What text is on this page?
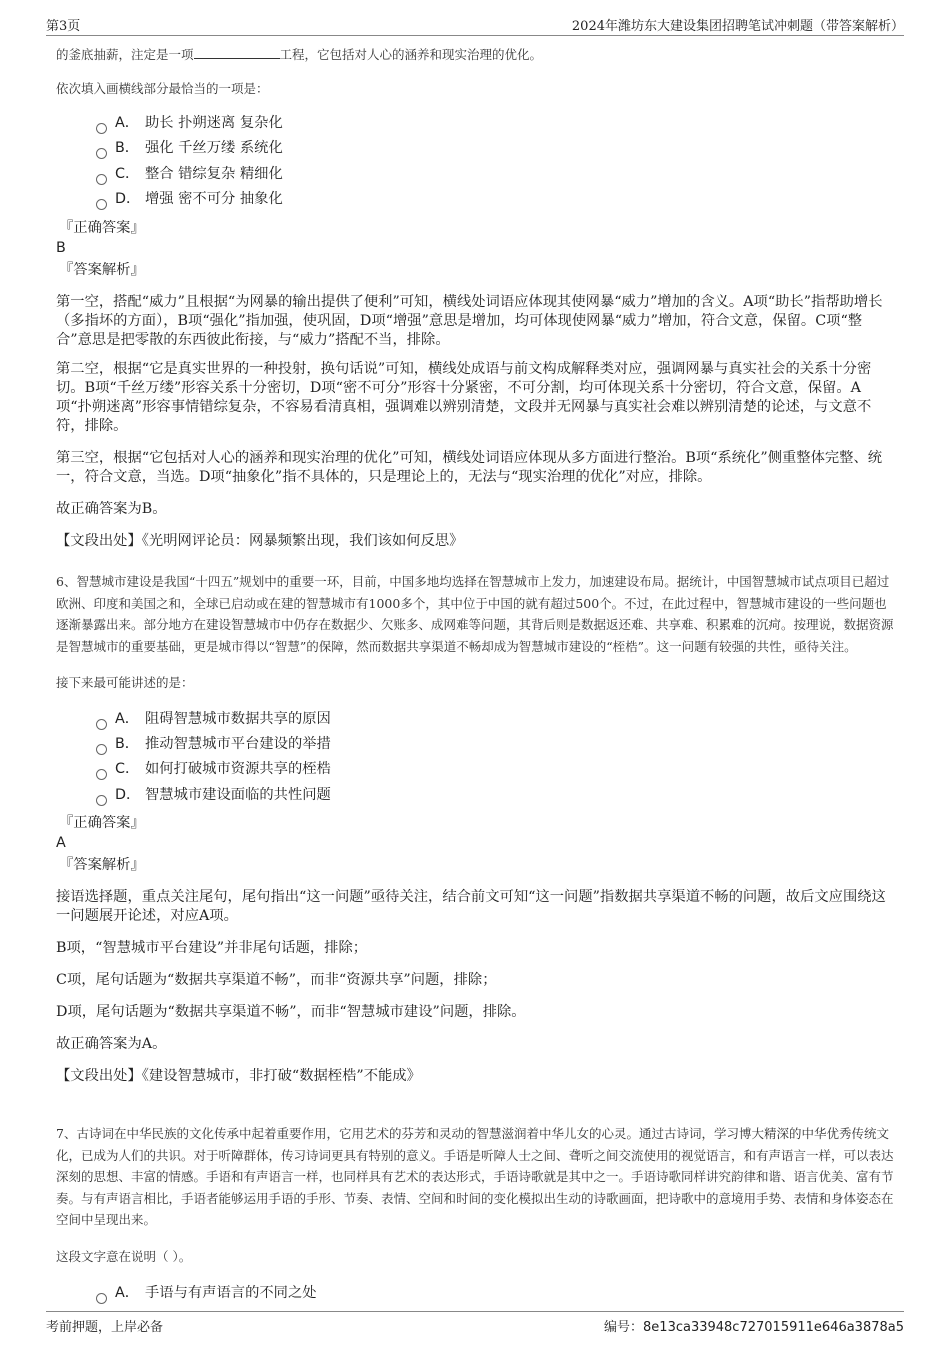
第3页	2024年潍坊东大建设集团招聘笔试冲刺题（带答案解析）

的釜底抽薪，注定是一项	工程，它包括对人心的涵养和现实治理的优化。

依次填入画横线部分最恰当的一项是：

A． 助长 扑朔迷离 复杂化
B． 强化 千丝万缕 系统化
C． 整合 错综复杂 精细化
D． 增强 密不可分 抽象化

『正确答案』

B

『答案解析』

第一空，搭配“威力”且根据“为网暴的输出提供了便利”可知，横线处词语应体现其使网暴“威力”增加的含义。A项“助长”指帮助增长（多指坏的方面），B项“强化”指加强，使巩固，D项“增强”意思是增加，均可体现使网暴“威力”增加，符合文意，保留。C项“整合”意思是把零散的东西彼此衔接，与“威力”搭配不当，排除。

第二空，根据“它是真实世界的一种投射，换句话说”可知，横线处成语与前文构成解释类对应，强调网暴与真实社会的关系十分密切。B项“千丝万缕”形容关系十分密切，D项“密不可分”形容十分紧密，不可分割，均可体现关系十分密切，符合文意，保留。A项“扑朔迷离”形容事情错综复杂，不容易看清真相，强调难以辨别清楚，文段并无网暴与真实社会难以辨别清楚的论述，与文意不符，排除。

第三空，根据“它包括对人心的涵养和现实治理的优化”可知，横线处词语应体现从多方面进行整治。B项“系统化”侧重整体完整、统一，符合文意，当选。D项“抽象化”指不具体的，只是理论上的，无法与“现实治理的优化”对应，排除。

故正确答案为B。

【文段出处】《光明网评论员：网暴频繁出现，我们该如何反思》

6、智慧城市建设是我国“十四五”规划中的重要一环，目前，中国多地均选择在智慧城市上发力，加速建设布局。据统计，中国智慧城市试点项目已超过欧洲、印度和美国之和，全球已启动或在建的智慧城市有1000多个，其中位于中国的就有超过500个。不过，在此过程中，智慧城市建设的一些问题也逐渐暴露出来。部分地方在建设智慧城市中仍存在数据少、欠账多、成网难等问题，其背后则是数据返还难、共享难、积累难的沉疴。按理说，数据资源是智慧城市的重要基础，更是城市得以“智慧”的保障，然而数据共享渠道不畅却成为智慧城市建设的“桎梏”。这一问题有较强的共性，亟待关注。

接下来最可能讲述的是：

A． 阻碍智慧城市数据共享的原因
B． 推动智慧城市平台建设的举措
C． 如何打破城市资源共享的桎梏
D． 智慧城市建设面临的共性问题

『正确答案』

A

『答案解析』

接语选择题，重点关注尾句，尾句指出“这一问题”亟待关注，结合前文可知“这一问题”指数据共享渠道不畅的问题，故后文应围绕这一问题展开论述，对应A项。

B项，“智慧城市平台建设”并非尾句话题，排除；

C项，尾句话题为“数据共享渠道不畅”，而非“资源共享”问题，排除；

D项，尾句话题为“数据共享渠道不畅”，而非“智慧城市建设”问题，排除。

故正确答案为A。

【文段出处】《建设智慧城市，非打破“数据桎梏”不能成》

7、古诗词在中华民族的文化传承中起着重要作用，它用艺术的芬芳和灵动的智慧滋润着中华儿女的心灵。通过古诗词，学习博大精深的中华优秀传统文化，已成为人们的共识。对于听障群体，传习诗词更具有特别的意义。手语是听障人士之间、聋听之间交流使用的视觉语言，和有声语言一样，可以表达深刻的思想、丰富的情感。手语和有声语言一样，也同样具有艺术的表达形式，手语诗歌就是其中之一。手语诗歌同样讲究韵律和谐、语言优美、富有节奏。与有声语言相比，手语者能够运用手语的手形、节奏、表情、空间和时间的变化模拟出生动的诗歌画面，把诗歌中的意境用手势、表情和身体姿态在空间中呈现出来。

这段文字意在说明（ ）。

A． 手语与有声语言的不同之处
考前押题，上岸必备	编号：8e13ca33948c727015911e646a3878a5
